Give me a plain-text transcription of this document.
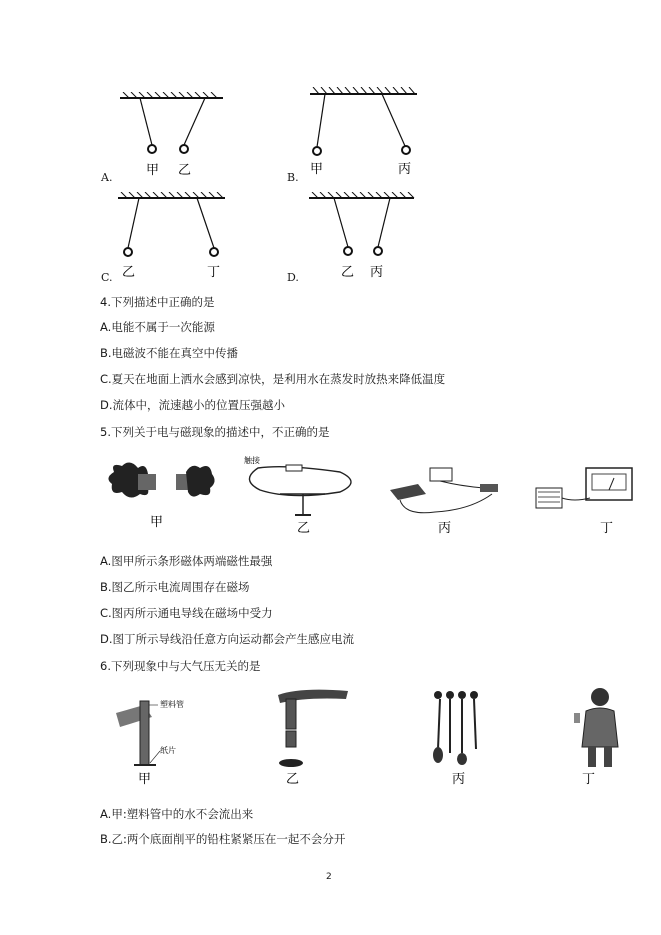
甲 乙
A.
甲	丙
B.
乙	丁
C.	乙 丙
D.
4.下列描述中正确的是
A.电能不属于一次能源
B.电磁波不能在真空中传播
C.夏天在地面上洒水会感到凉快，是利用水在蒸发时放热来降低温度
D.流体中，流速越小的位置压强越小
5.下列关于电与磁现象的描述中，不正确的是
甲
触接
乙	丙	丁
A.图甲所示条形磁体两端磁性最强
B.图乙所示电流周围存在磁场
C.图丙所示通电导线在磁场中受力
D.图丁所示导线沿任意方向运动都会产生感应电流
6.下列现象中与大气压无关的是
塑料管
纸片
甲	乙	丙	丁
A.甲:塑料管中的水不会流出来
B.乙:两个底面削平的铅柱紧紧压在一起不会分开
2
